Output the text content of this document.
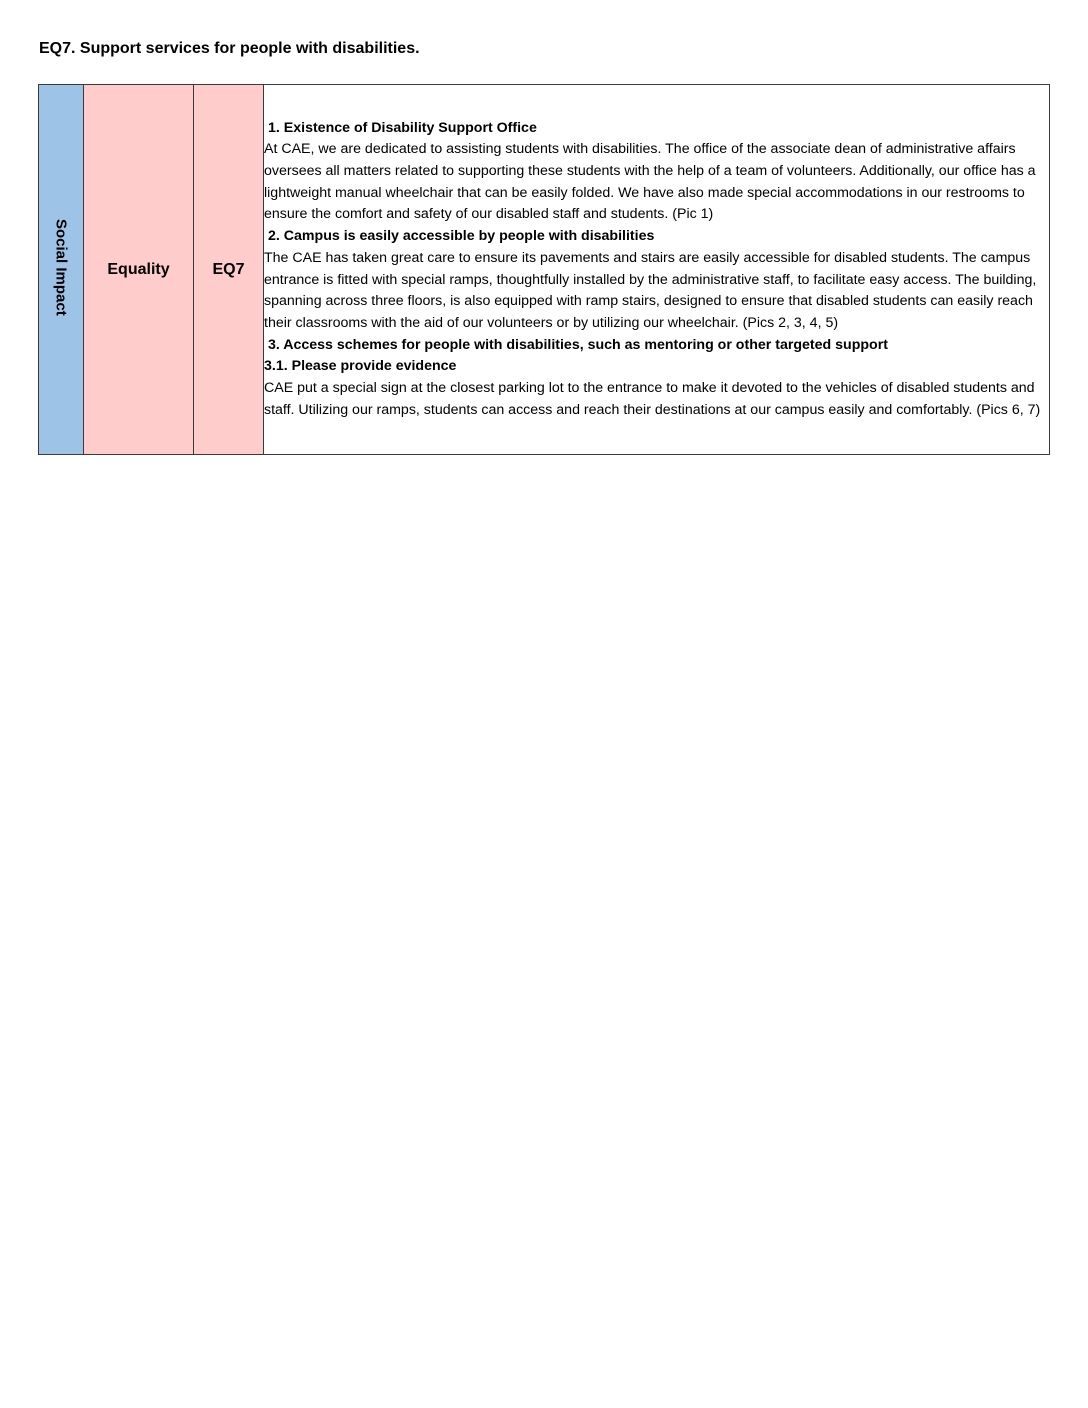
EQ7. Support services for people with disabilities.
Social Impact	Equality	EQ7	
1. Existence of Disability Support Office

At CAE, we are dedicated to assisting students with disabilities. The office of the associate dean of administrative affairs oversees all matters related to supporting these students with the help of a team of volunteers. Additionally, our office has a lightweight manual wheelchair that can be easily folded. We have also made special accommodations in our restrooms to ensure the comfort and safety of our disabled staff and students. (Pic 1)

2. Campus is easily accessible by people with disabilities

The CAE has taken great care to ensure its pavements and stairs are easily accessible for disabled students. The campus entrance is fitted with special ramps, thoughtfully installed by the administrative staff, to facilitate easy access. The building, spanning across three floors, is also equipped with ramp stairs, designed to ensure that disabled students can easily reach their classrooms with the aid of our volunteers or by utilizing our wheelchair. (Pics 2, 3, 4, 5)

3. Access schemes for people with disabilities, such as mentoring or other targeted support
3.1. Please provide evidence

CAE put a special sign at the closest parking lot to the entrance to make it devoted to the vehicles of disabled students and staff. Utilizing our ramps, students can access and reach their destinations at our campus easily and comfortably. (Pics 6, 7)
